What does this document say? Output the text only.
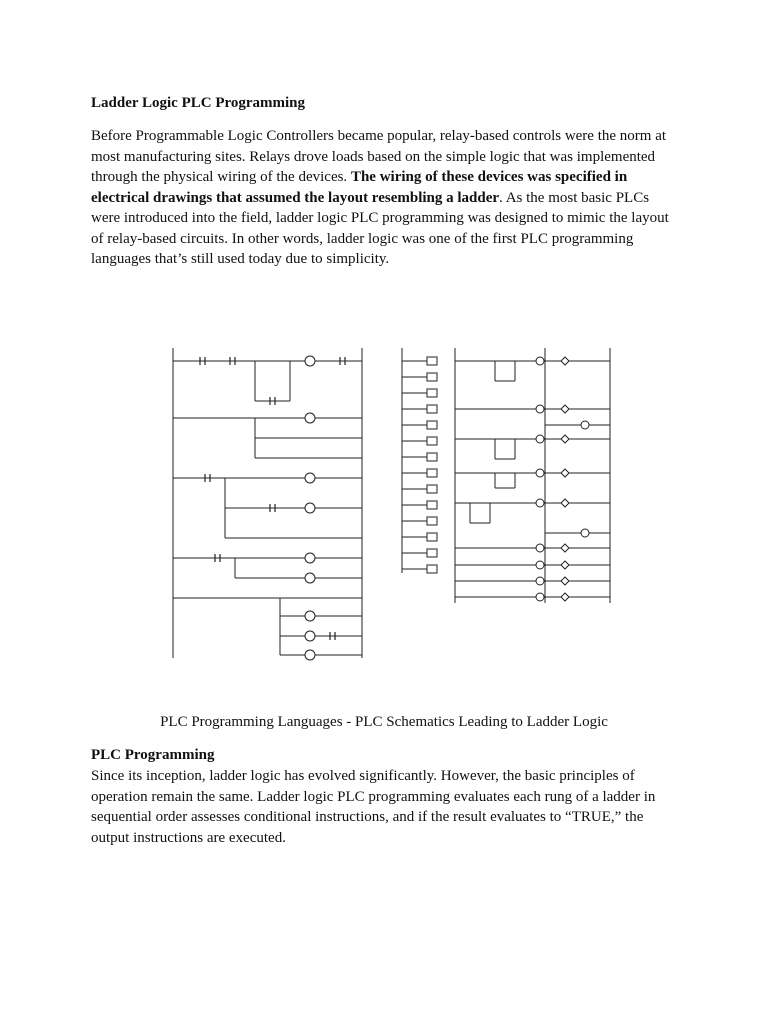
Ladder Logic PLC Programming
Before Programmable Logic Controllers became popular, relay-based controls were the norm at most manufacturing sites. Relays drove loads based on the simple logic that was implemented through the physical wiring of the devices. The wiring of these devices was specified in electrical drawings that assumed the layout resembling a ladder. As the most basic PLCs were introduced into the field, ladder logic PLC programming was designed to mimic the layout of relay-based circuits. In other words, ladder logic was one of the first PLC programming languages that’s still used today due to simplicity.
PLC Programming Languages - PLC Schematics Leading to Ladder Logic
PLC Programming
Since its inception, ladder logic has evolved significantly. However, the basic principles of operation remain the same. Ladder logic PLC programming evaluates each rung of a ladder in sequential order assesses conditional instructions, and if the result evaluates to “TRUE,” the output instructions are executed.
